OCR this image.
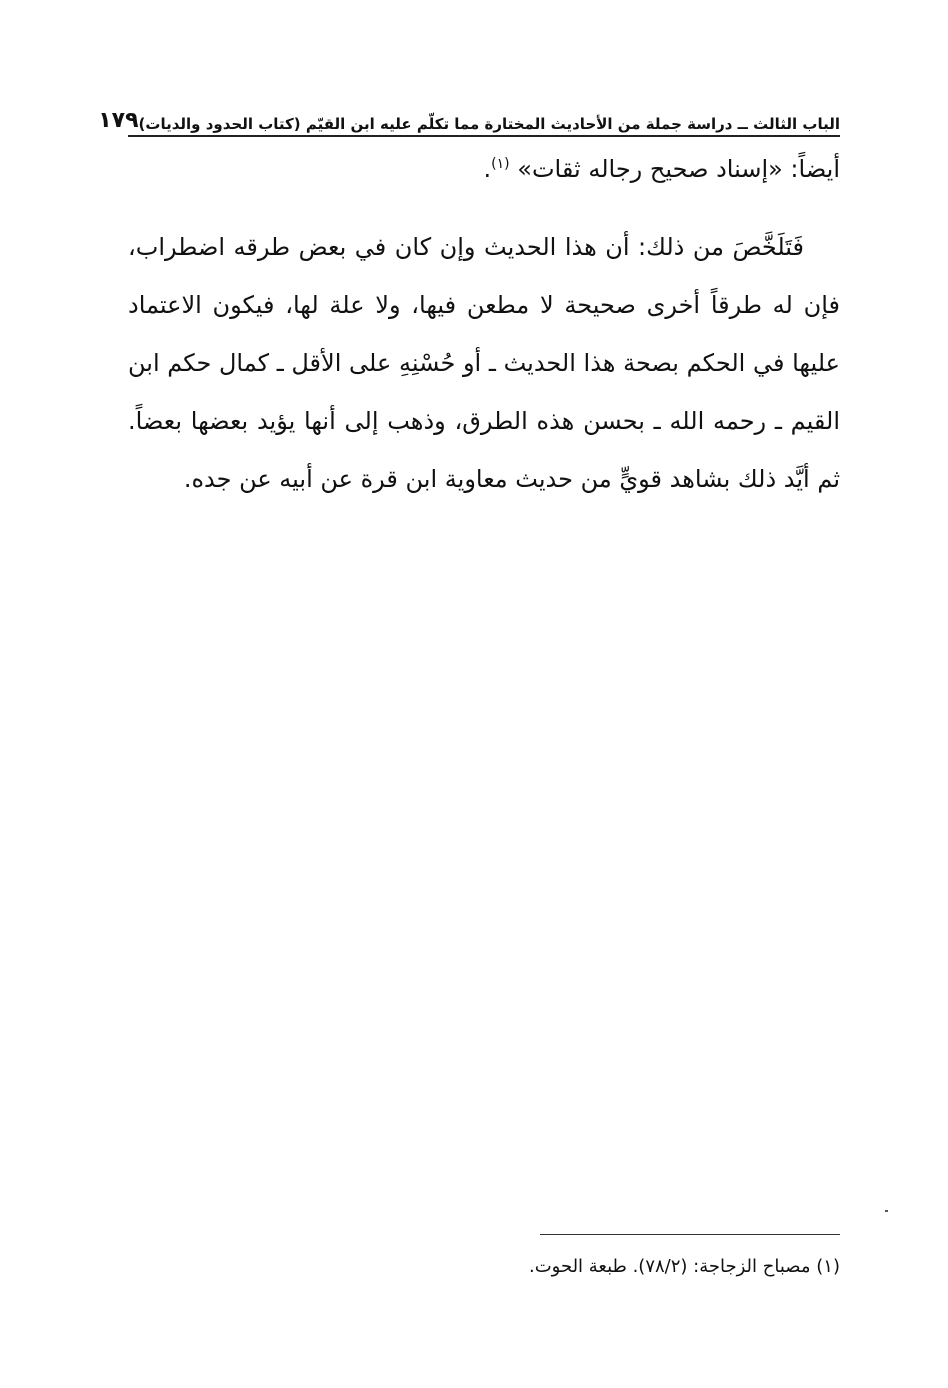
الباب الثالث ــ دراسة جملة من الأحاديث المختارة مما تكلّم عليه ابن القيّم (كتاب الحدود والديات)
١٧٩

أيضاً: «إسناد صحيح رجاله ثقات» $^{(١)}$.

فَتَلَخَّصَ من ذلك: أن هذا الحديث وإن كان في بعض طرقه اضطراب، فإن له طرقاً أخرى صحيحة لا مطعن فيها، ولا علة لها، فيكون الاعتماد عليها في الحكم بصحة هذا الحديث ـ أو حُسْنِهِ على الأقل ـ كمال حكم ابن القيم ـ رحمه الله ـ بحسن هذه الطرق، وذهب إلى أنها يؤيد بعضها بعضاً. ثم أيَّد ذلك بشاهد قويٍّ من حديث معاوية ابن قرة عن أبيه عن جده.

(١) مصباح الزجاجة: (٧٨/٢). طبعة الحوت.
